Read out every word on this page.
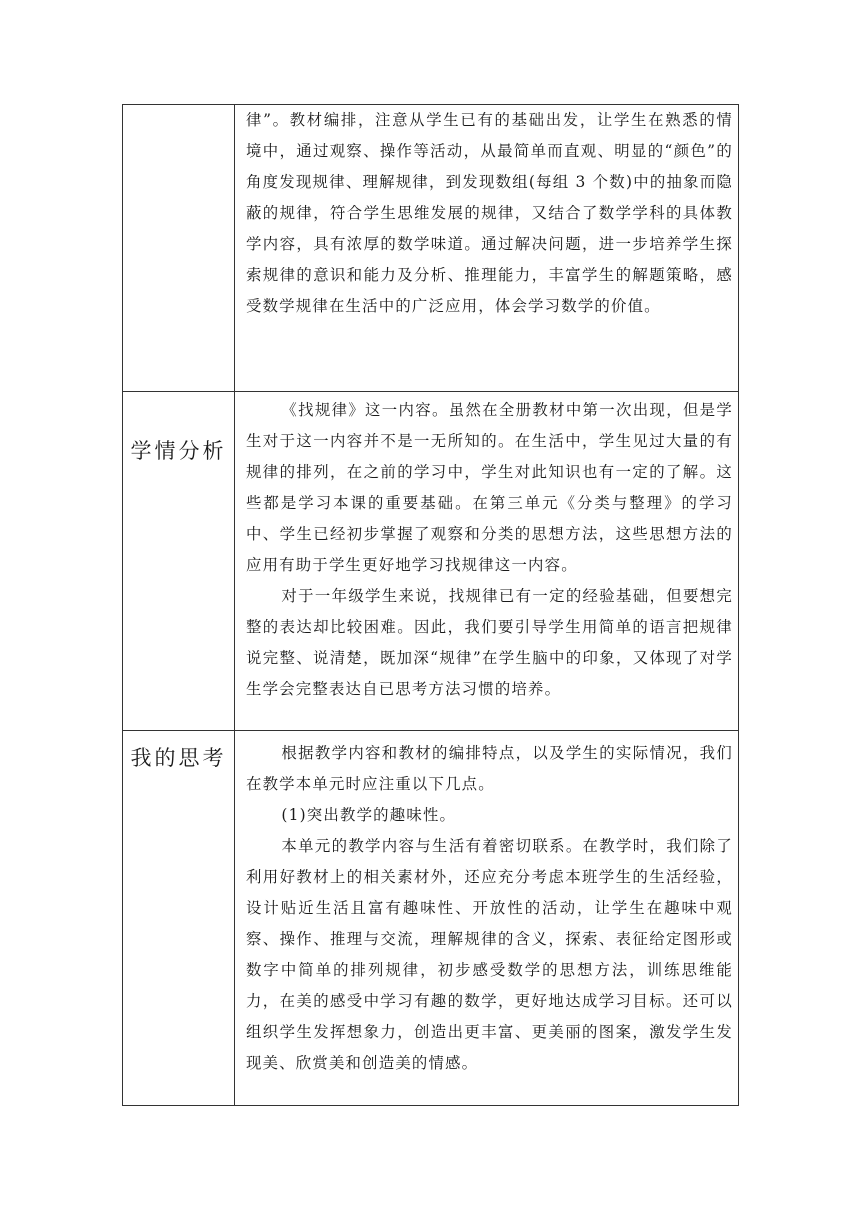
	律”。教材编排，注意从学生已有的基础出发，让学生在熟悉的情境中，通过观察、操作等活动，从最简单而直观、明显的“颜色”的角度发现规律、理解规律，到发现数组(每组 3 个数)中的抽象而隐蔽的规律，符合学生思维发展的规律，又结合了数学学科的具体教学内容，具有浓厚的数学味道。通过解决问题，进一步培养学生探索规律的意识和能力及分析、推理能力，丰富学生的解题策略，感受数学规律在生活中的广泛应用，体会学习数学的价值。

学情分析	《找规律》这一内容。虽然在全册教材中第一次出现，但是学生对于这一内容并不是一无所知的。在生活中，学生见过大量的有规律的排列，在之前的学习中，学生对此知识也有一定的了解。这些都是学习本课的重要基础。在第三单元《分类与整理》的学习中、学生已经初步掌握了观察和分类的思想方法，这些思想方法的应用有助于学生更好地学习找规律这一内容。

对于一年级学生来说，找规律已有一定的经验基础，但要想完整的表达却比较困难。因此，我们要引导学生用简单的语言把规律说完整、说清楚，既加深“规律”在学生脑中的印象，又体现了对学生学会完整表达自已思考方法习惯的培养。

我的思考	根据教学内容和教材的编排特点，以及学生的实际情况，我们在教学本单元时应注重以下几点。

(1)突出教学的趣味性。

本单元的教学内容与生活有着密切联系。在教学时，我们除了利用好教材上的相关素材外，还应充分考虑本班学生的生活经验，设计贴近生活且富有趣味性、开放性的活动，让学生在趣味中观察、操作、推理与交流，理解规律的含义，探索、表征给定图形或数字中简单的排列规律，初步感受数学的思想方法，训练思维能力，在美的感受中学习有趣的数学，更好地达成学习目标。还可以组织学生发挥想象力，创造出更丰富、更美丽的图案，激发学生发现美、欣赏美和创造美的情感。
